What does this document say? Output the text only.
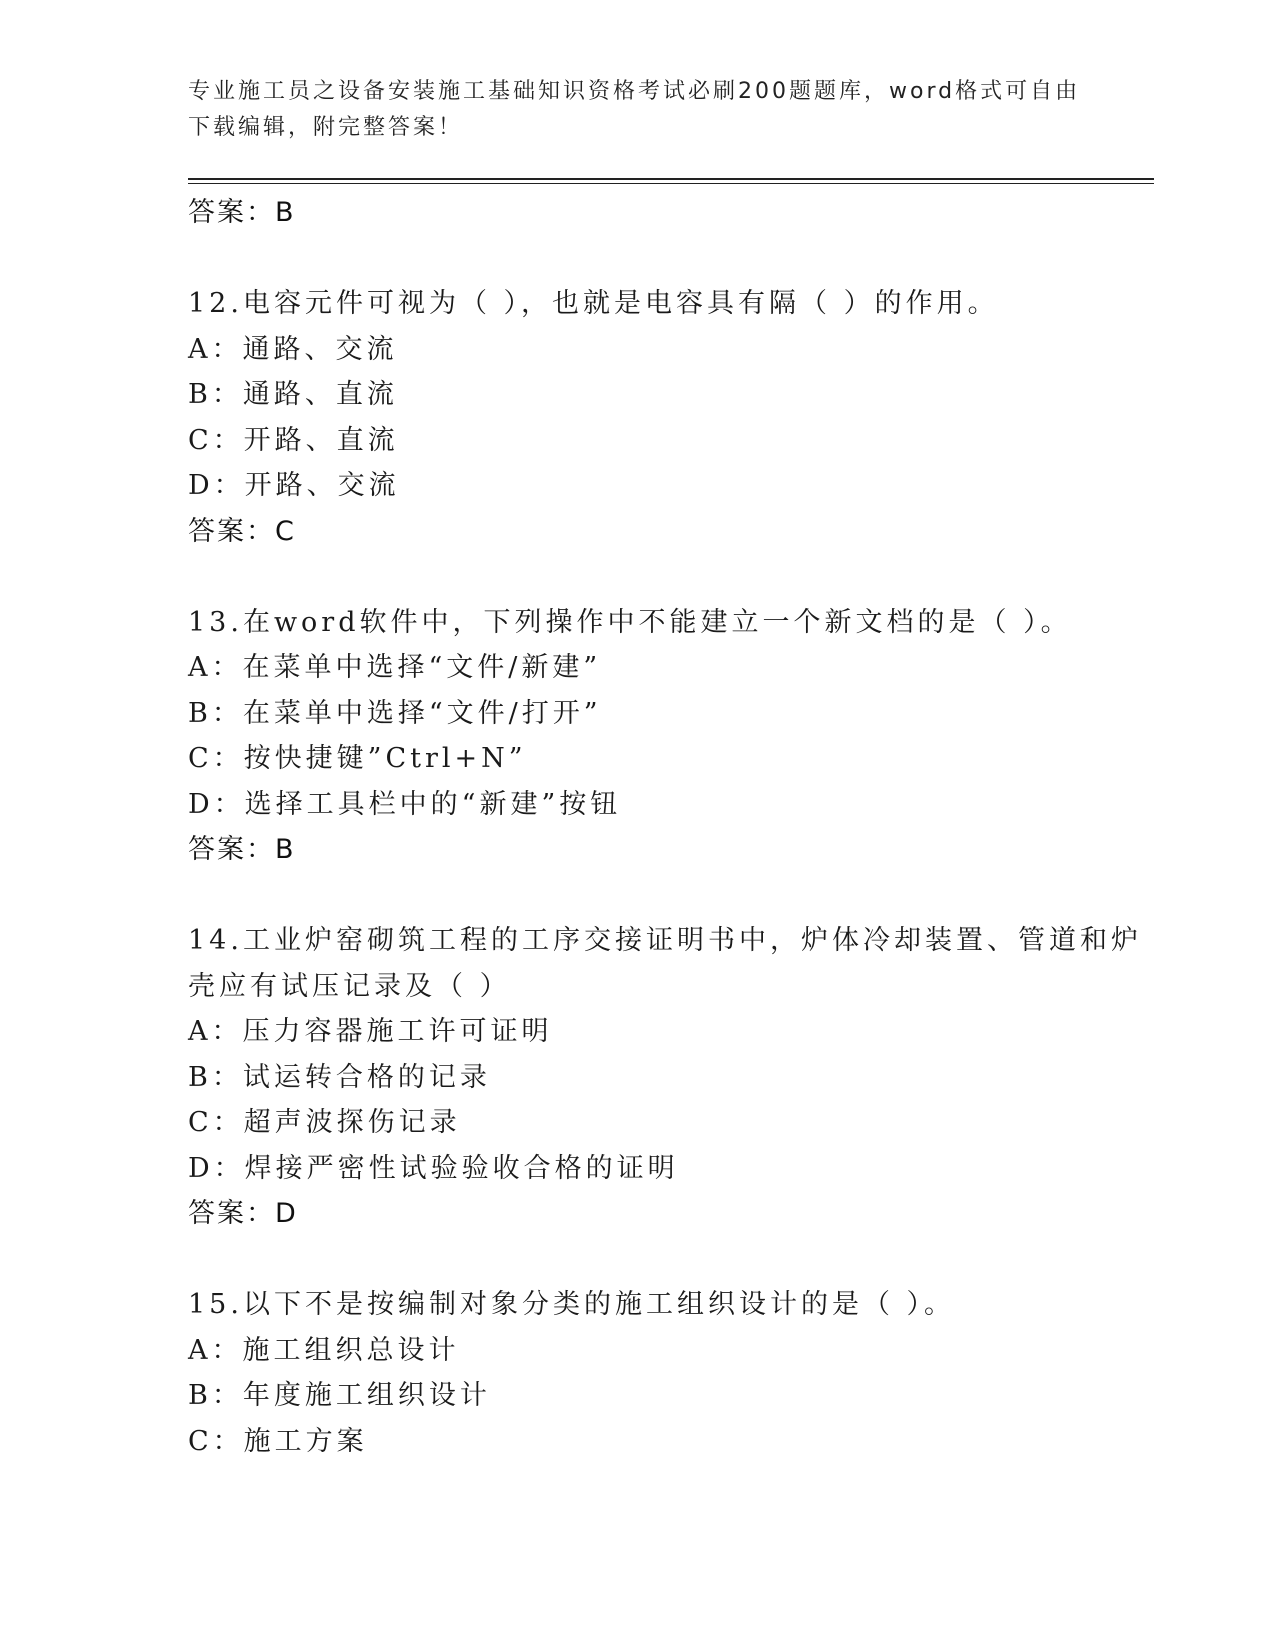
专业施工员之设备安装施工基础知识资格考试必刷200题题库，word格式可自由
下载编辑，附完整答案！
答案：B
12.电容元件可视为（ ），也就是电容具有隔（ ）的作用。
A：通路、交流
B：通路、直流
C：开路、直流
D：开路、交流
答案：C
13.在word软件中，下列操作中不能建立一个新文档的是（ ）。
A：在菜单中选择“文件/新建”
B：在菜单中选择“文件/打开”
C：按快捷键”Ctrl+N”
D：选择工具栏中的“新建”按钮
答案：B
14.工业炉窑砌筑工程的工序交接证明书中，炉体冷却装置、管道和炉
壳应有试压记录及（ ）
A：压力容器施工许可证明
B：试运转合格的记录
C：超声波探伤记录
D：焊接严密性试验验收合格的证明
答案：D
15.以下不是按编制对象分类的施工组织设计的是（ ）。
A：施工组织总设计
B：年度施工组织设计
C：施工方案
